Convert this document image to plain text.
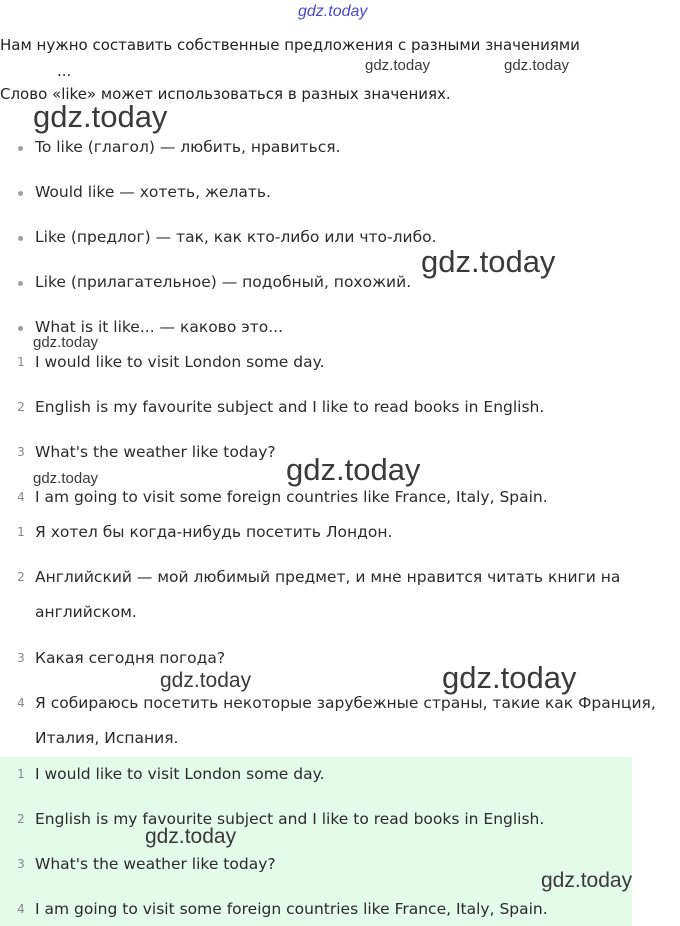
gdz.today
Нам нужно составить собственные предложения с разными значениями
...
Слово «like» может использоваться в разных значениях.
To like (глагол) — любить, нравиться.
Would like — хотеть, желать.
Like (предлог) — так, как кто-либо или что-либо.
Like (прилагательное) — подобный, похожий.
What is it like... — каково это...
1 I would like to visit London some day.
2 English is my favourite subject and I like to read books in English.
3 What's the weather like today?
4 I am going to visit some foreign countries like France, Italy, Spain.
1 Я хотел бы когда-нибудь посетить Лондон.
2 Английский — мой любимый предмет, и мне нравится читать книги на
английском.
3 Какая сегодня погода?
4 Я собираюсь посетить некоторые зарубежные страны, такие как Франция,
Италия, Испания.
1 I would like to visit London some day.
2 English is my favourite subject and I like to read books in English.
3 What's the weather like today?
4 I am going to visit some foreign countries like France, Italy, Spain.
gdz.today	gdz.today
gdz.today
gdz.today
gdz.today
gdz.today
gdz.today
gdz.today
gdz.today
gdz.today
gdz.today
